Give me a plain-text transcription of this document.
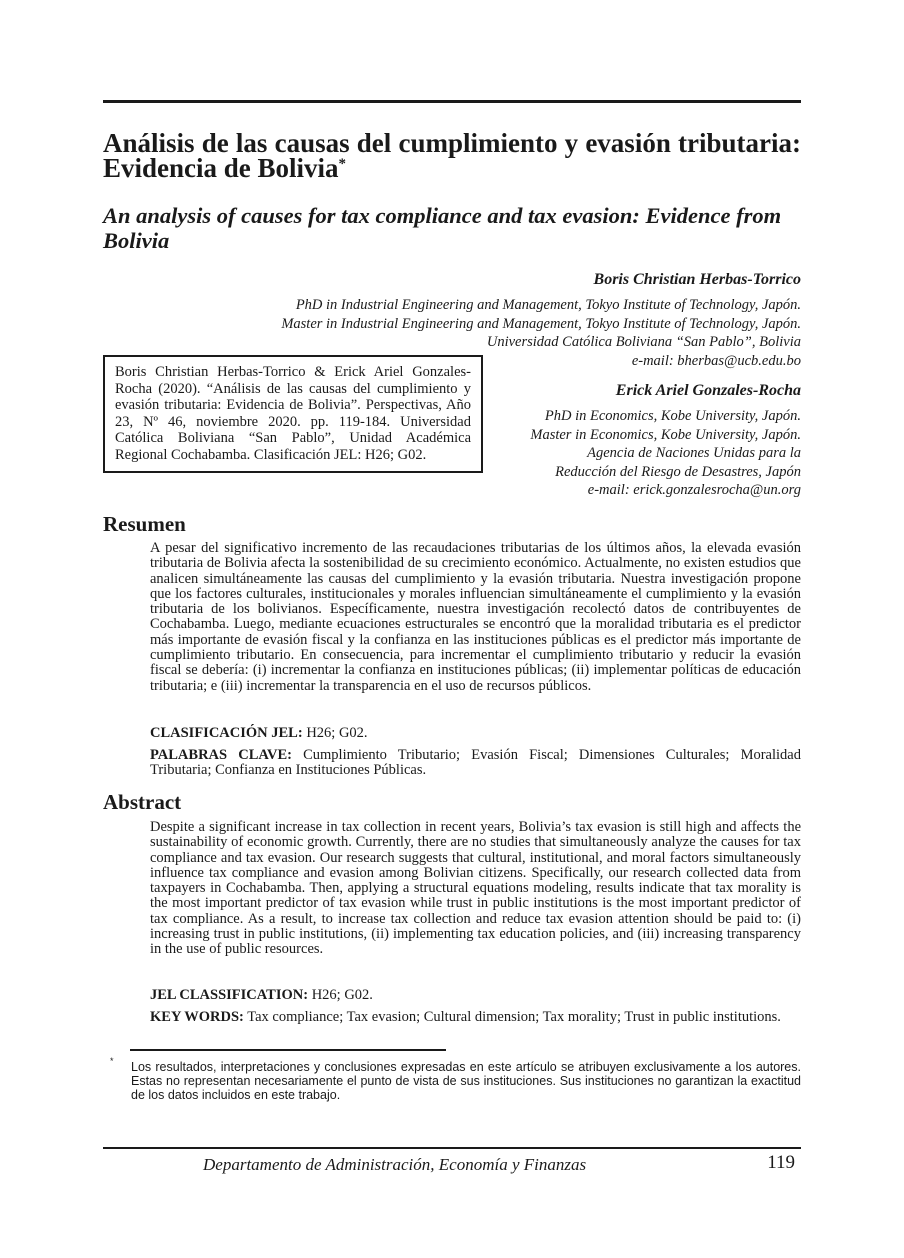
Análisis de las causas del cumplimiento y evasión tributaria: Evidencia de Bolivia*
An analysis of causes for tax compliance and tax evasion: Evidence from Bolivia
Boris Christian Herbas-Torrico
PhD in Industrial Engineering and Management, Tokyo Institute of Technology, Japón.
Master in Industrial Engineering and Management, Tokyo Institute of Technology, Japón.
Universidad Católica Boliviana “San Pablo”, Bolivia
e-mail: bherbas@ucb.edu.bo
Boris Christian Herbas-Torrico & Erick Ariel Gonzales-Rocha (2020). “Análisis de las causas del cumplimiento y evasión tributaria: Evidencia de Bolivia”. Perspectivas, Año 23, Nº 46, noviembre 2020. pp. 119-184. Universidad Católica Boliviana “San Pablo”, Unidad Académica Regional Cochabamba. Clasificación JEL: H26; G02.
Erick Ariel Gonzales-Rocha
PhD in Economics, Kobe University, Japón.
Master in Economics, Kobe University, Japón.
Agencia de Naciones Unidas para la
Reducción del Riesgo de Desastres, Japón
e-mail: erick.gonzalesrocha@un.org
Resumen

A pesar del significativo incremento de las recaudaciones tributarias de los últimos años, la elevada evasión tributaria de Bolivia afecta la sostenibilidad de su crecimiento económico. Actualmente, no existen estudios que analicen simultáneamente las causas del cumplimiento y la evasión tributaria. Nuestra investigación propone que los factores culturales, institucionales y morales influencian simultáneamente el cumplimiento y la evasión tributaria de los bolivianos. Específicamente, nuestra investigación recolectó datos de contribuyentes de Cochabamba. Luego, mediante ecuaciones estructurales se encontró que la moralidad tributaria es el predictor más importante de evasión fiscal y la confianza en las instituciones públicas es el predictor más importante de cumplimiento tributario. En consecuencia, para incrementar el cumplimiento tributario y reducir la evasión fiscal se debería: (i) incrementar la confianza en instituciones públicas; (ii) implementar políticas de educación tributaria; e (iii) incrementar la transparencia en el uso de recursos públicos.

CLASIFICACIÓN JEL: H26; G02.

PALABRAS CLAVE: Cumplimiento Tributario; Evasión Fiscal; Dimensiones Culturales; Moralidad Tributaria; Confianza en Instituciones Públicas.

Abstract

Despite a significant increase in tax collection in recent years, Bolivia’s tax evasion is still high and affects the sustainability of economic growth. Currently, there are no studies that simultaneously analyze the causes for tax compliance and tax evasion. Our research suggests that cultural, institutional, and moral factors simultaneously influence tax compliance and evasion among Bolivian citizens. Specifically, our research collected data from taxpayers in Cochabamba. Then, applying a structural equations modeling, results indicate that tax morality is the most important predictor of tax evasion while trust in public institutions is the most important predictor of tax compliance. As a result, to increase tax collection and reduce tax evasion attention should be paid to: (i) increasing trust in public institutions, (ii) implementing tax education policies, and (iii) increasing transparency in the use of public resources.

JEL CLASSIFICATION: H26; G02.

KEY WORDS: Tax compliance; Tax evasion; Cultural dimension; Tax morality; Trust in public institutions.

* Los resultados, interpretaciones y conclusiones expresadas en este artículo se atribuyen exclusivamente a los autores. Estas no representan necesariamente el punto de vista de sus instituciones. Sus instituciones no garantizan la exactitud de los datos incluidos en este trabajo.

Departamento de Administración, Economía y Finanzas	119
